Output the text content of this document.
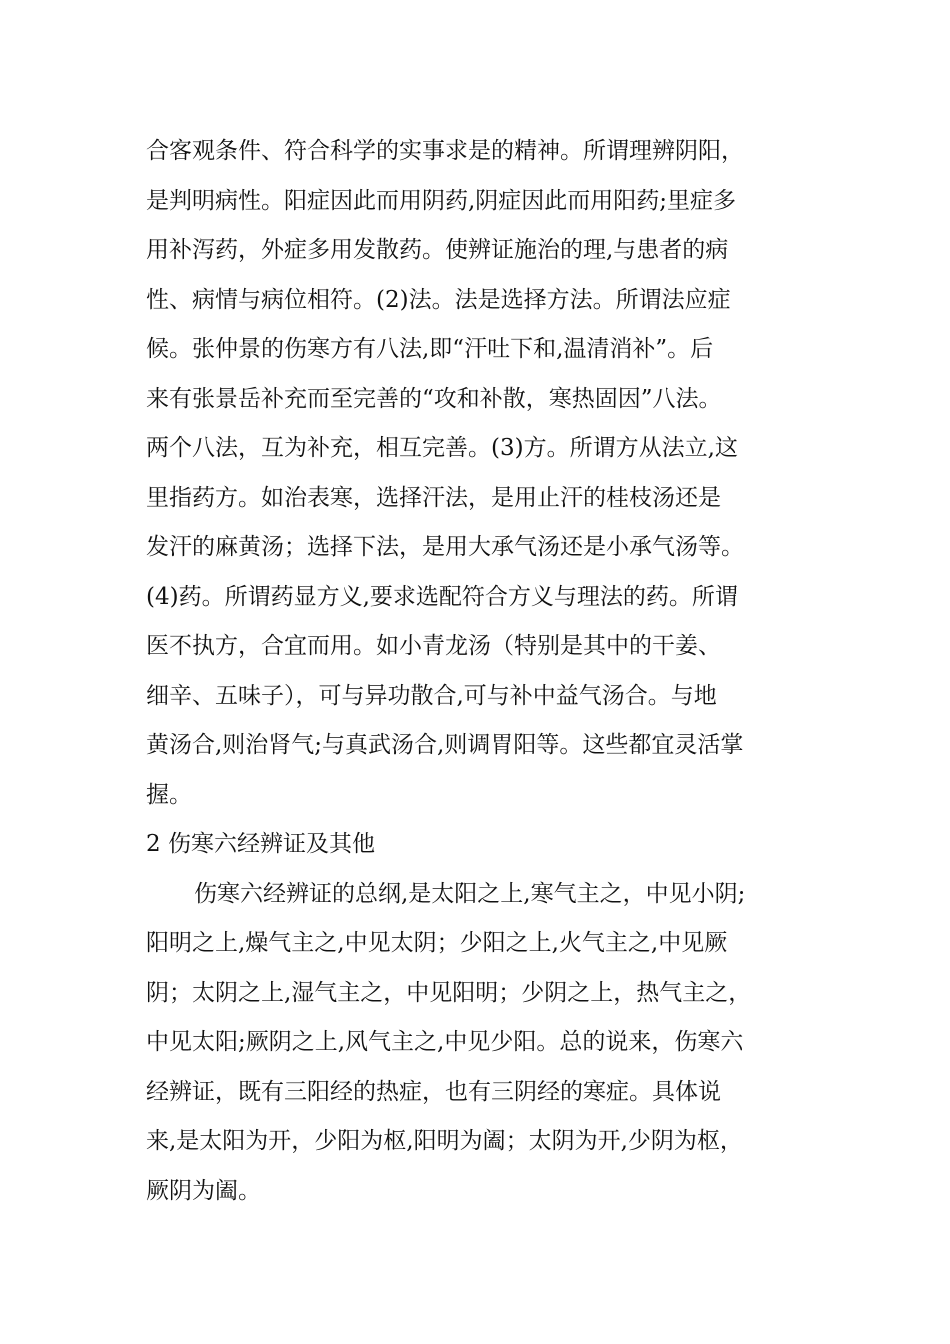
合客观条件、符合科学的实事求是的精神。所谓理辨阴阳，
是判明病性。阳症因此而用阴药,阴症因此而用阳药;里症多
用补泻药，外症多用发散药。使辨证施治的理,与患者的病
性、病情与病位相符。(2)法。法是选择方法。所谓法应症
候。张仲景的伤寒方有八法,即“汗吐下和,温清消补”。后
来有张景岳补充而至完善的“攻和补散，寒热固因”八法。
两个八法，互为补充，相互完善。(3)方。所谓方从法立,这
里指药方。如治表寒，选择汗法，是用止汗的桂枝汤还是
发汗的麻黄汤；选择下法，是用大承气汤还是小承气汤等。
(4)药。所谓药显方义,要求选配符合方义与理法的药。所谓
医不执方，合宜而用。如小青龙汤（特别是其中的干姜、
细辛、五味子），可与异功散合,可与补中益气汤合。与地
黄汤合,则治肾气;与真武汤合,则调胃阳等。这些都宜灵活掌
握。
2 伤寒六经辨证及其他
伤寒六经辨证的总纲,是太阳之上,寒气主之，中见小阴;
阳明之上,燥气主之,中见太阴；少阳之上,火气主之,中见厥
阴；太阴之上,湿气主之，中见阳明；少阴之上，热气主之，
中见太阳;厥阴之上,风气主之,中见少阳。总的说来，伤寒六
经辨证，既有三阳经的热症，也有三阴经的寒症。具体说
来,是太阳为开，少阳为枢,阳明为阖；太阴为开,少阴为枢，
厥阴为阖。
